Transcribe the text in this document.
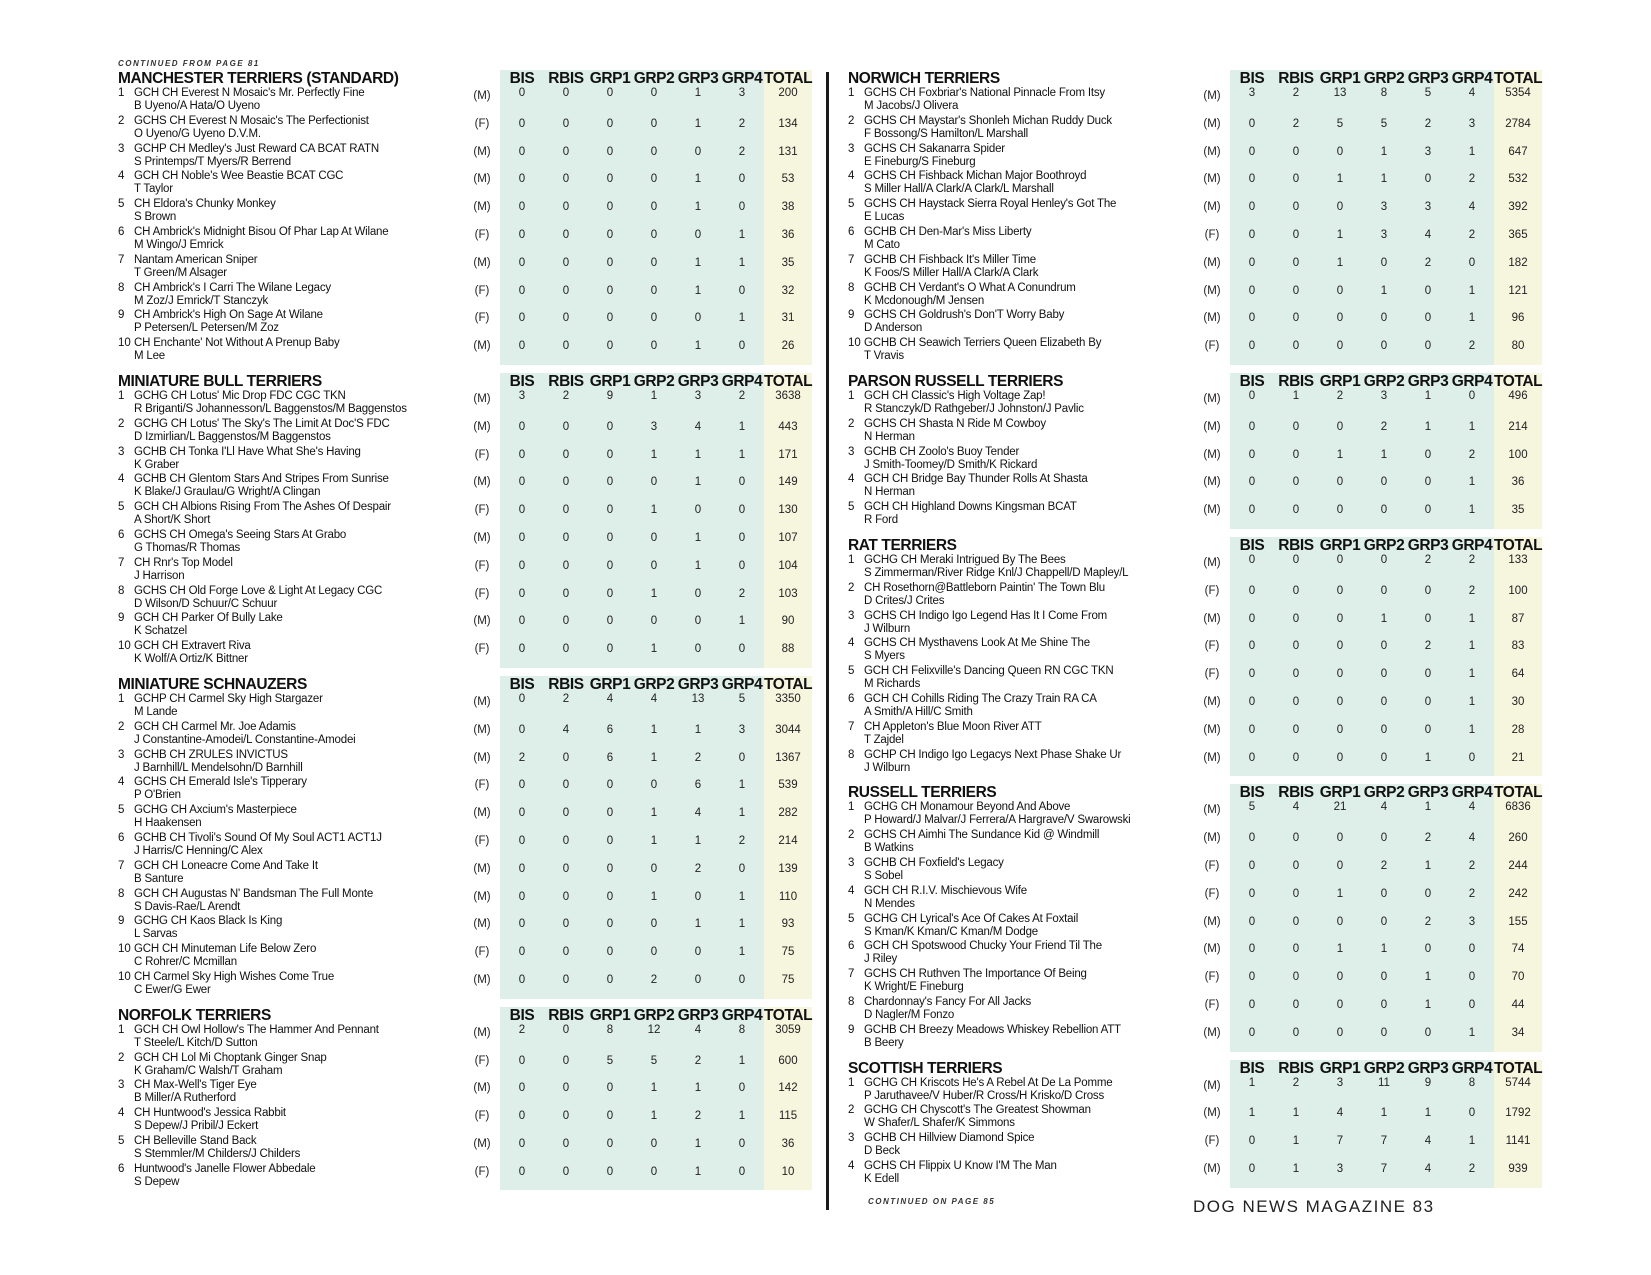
CONTINUED FROM PAGE 81
MANCHESTER TERRIERS (STANDARD)	BIS RBIS GRP1 GRP2 GRP3 GRP4 TOTAL
1 GCH CH Everest N Mosaic's Mr. Perfectly Fine
B Uyeno/A Hata/O Uyeno
(M)	0	0	0	0	1	3	200
2 GCHS CH Everest N Mosaic's The Perfectionist
O Uyeno/G Uyeno D.V.M.
(F)	0	0	0	0	1	2	134
3 GCHP CH Medley's Just Reward CA BCAT RATN
S Printemps/T Myers/R Berrend
(M)	0	0	0	0	0	2	131
4 GCH CH Noble's Wee Beastie BCAT CGC
T Taylor
(M)	0	0	0	0	1	0	53
5 CH Eldora's Chunky Monkey
S Brown
(M)	0	0	0	0	1	0	38
6 CH Ambrick's Midnight Bisou Of Phar Lap At Wilane
M Wingo/J Emrick
(F)	0	0	0	0	0	1	36
7 Nantam American Sniper
T Green/M Alsager
(M)	0	0	0	0	1	1	35
8 CH Ambrick's I Carri The Wilane Legacy
M Zoz/J Emrick/T Stanczyk
(F)	0	0	0	0	1	0	32
9 CH Ambrick's High On Sage At Wilane
P Petersen/L Petersen/M Zoz
(F)	0	0	0	0	0	1	31
10 CH Enchante' Not Without A Prenup Baby
M Lee
(M)	0	0	0	0	1	0	26
MINIATURE BULL TERRIERS	BIS RBIS GRP1 GRP2 GRP3 GRP4 TOTAL
1 GCHG CH Lotus' Mic Drop FDC CGC TKN
R Briganti/S Johannesson/L Baggenstos/M Baggenstos
(M)	3	2	9	1	3	2	3638
2 GCHG CH Lotus' The Sky's The Limit At Doc'S FDC
D Izmirlian/L Baggenstos/M Baggenstos
(M)	0	0	0	3	4	1	443
3 GCHB CH Tonka I'Ll Have What She's Having
K Graber
(F)	0	0	0	1	1	1	171
4 GCHB CH Glentom Stars And Stripes From Sunrise
K Blake/J Graulau/G Wright/A Clingan
(M)	0	0	0	0	1	0	149
5 GCH CH Albions Rising From The Ashes Of Despair
A Short/K Short
(F)	0	0	0	1	0	0	130
6 GCHS CH Omega's Seeing Stars At Grabo
G Thomas/R Thomas
(M)	0	0	0	0	1	0	107
7 CH Rnr's Top Model
J Harrison
(F)	0	0	0	0	1	0	104
8 GCHS CH Old Forge Love & Light At Legacy CGC
D Wilson/D Schuur/C Schuur
(F)	0	0	0	1	0	2	103
9 GCH CH Parker Of Bully Lake
K Schatzel
(M)	0	0	0	0	0	1	90
10 GCH CH Extravert Riva
K Wolf/A Ortiz/K Bittner
(F)	0	0	0	1	0	0	88
MINIATURE SCHNAUZERS	BIS RBIS GRP1 GRP2 GRP3 GRP4 TOTAL
1 GCHP CH Carmel Sky High Stargazer
M Lande
(M)	0	2	4	4	13	5	3350
2 GCH CH Carmel Mr. Joe Adamis
J Constantine-Amodei/L Constantine-Amodei
(M)	0	4	6	1	1	3	3044
3 GCHB CH ZRULES INVICTUS
J Barnhill/L Mendelsohn/D Barnhill
(M)	2	0	6	1	2	0	1367
4 GCHS CH Emerald Isle's Tipperary
P O'Brien
(F)	0	0	0	0	6	1	539
5 GCHG CH Axcium's Masterpiece
H Haakensen
(M)	0	0	0	1	4	1	282
6 GCHB CH Tivoli's Sound Of My Soul ACT1 ACT1J
J Harris/C Henning/C Alex
(F)	0	0	0	1	1	2	214
7 GCH CH Loneacre Come And Take It
B Santure
(M)	0	0	0	0	2	0	139
8 GCH CH Augustas N' Bandsman The Full Monte
S Davis-Rae/L Arendt
(M)	0	0	0	1	0	1	110
9 GCHG CH Kaos Black Is King
L Sarvas
(M)	0	0	0	0	1	1	93
10 GCH CH Minuteman Life Below Zero
C Rohrer/C Mcmillan
(F)	0	0	0	0	0	1	75
10 CH Carmel Sky High Wishes Come True
C Ewer/G Ewer
(M)	0	0	0	2	0	0	75
NORFOLK TERRIERS	BIS RBIS GRP1 GRP2 GRP3 GRP4 TOTAL
1 GCH CH Owl Hollow's The Hammer And Pennant
T Steele/L Kitch/D Sutton
(M)	2	0	8	12	4	8	3059
2 GCH CH Lol Mi Choptank Ginger Snap
K Graham/C Walsh/T Graham
(F)	0	0	5	5	2	1	600
3 CH Max-Well's Tiger Eye
B Miller/A Rutherford
(M)	0	0	0	1	1	0	142
4 CH Huntwood's Jessica Rabbit
S Depew/J Pribil/J Eckert
(F)	0	0	0	1	2	1	115
5 CH Belleville Stand Back
S Stemmler/M Childers/J Childers
(M)	0	0	0	0	1	0	36
6 Huntwood's Janelle Flower Abbedale
S Depew
(F)	0	0	0	0	1	0	10
NORWICH TERRIERS	BIS RBIS GRP1 GRP2 GRP3 GRP4 TOTAL
1 GCHS CH Foxbriar's National Pinnacle From Itsy
M Jacobs/J Olivera
(M)	3	2	13	8	5	4	5354
2 GCHS CH Maystar's Shonleh Michan Ruddy Duck
F Bossong/S Hamilton/L Marshall
(M)	0	2	5	5	2	3	2784
3 GCHS CH Sakanarra Spider
E Fineburg/S Fineburg
(M)	0	0	0	1	3	1	647
4 GCHS CH Fishback Michan Major Boothroyd
S Miller Hall/A Clark/A Clark/L Marshall
(M)	0	0	1	1	0	2	532
5 GCHS CH Haystack Sierra Royal Henley's Got The
E Lucas
(M)	0	0	0	3	3	4	392
6 GCHB CH Den-Mar's Miss Liberty
M Cato
(F)	0	0	1	3	4	2	365
7 GCHB CH Fishback It's Miller Time
K Foos/S Miller Hall/A Clark/A Clark
(M)	0	0	1	0	2	0	182
8 GCHB CH Verdant's O What A Conundrum
K Mcdonough/M Jensen
(M)	0	0	0	1	0	1	121
9 GCHS CH Goldrush's Don'T Worry Baby
D Anderson
(M)	0	0	0	0	0	1	96
10 GCHB CH Seawich Terriers Queen Elizabeth By
T Vravis
(F)	0	0	0	0	0	2	80
PARSON RUSSELL TERRIERS	BIS RBIS GRP1 GRP2 GRP3 GRP4 TOTAL
1 GCH CH Classic's High Voltage Zap!
R Stanczyk/D Rathgeber/J Johnston/J Pavlic
(M)	0	1	2	3	1	0	496
2 GCHS CH Shasta N Ride M Cowboy
N Herman
(M)	0	0	0	2	1	1	214
3 GCHB CH Zoolo's Buoy Tender
J Smith-Toomey/D Smith/K Rickard
(M)	0	0	1	1	0	2	100
4 GCH CH Bridge Bay Thunder Rolls At Shasta
N Herman
(M)	0	0	0	0	0	1	36
5 GCH CH Highland Downs Kingsman BCAT
R Ford
(M)	0	0	0	0	0	1	35
RAT TERRIERS	BIS RBIS GRP1 GRP2 GRP3 GRP4 TOTAL
1 GCHG CH Meraki Intrigued By The Bees
S Zimmerman/River Ridge Knl/J Chappell/D Mapley/L
(M)	0	0	0	0	2	2	133
2 CH Rosethorn@Battleborn Paintin' The Town Blu
D Crites/J Crites
(F)	0	0	0	0	0	2	100
3 GCHS CH Indigo Igo Legend Has It I Come From
J Wilburn
(M)	0	0	0	1	0	1	87
4 GCHS CH Mysthavens Look At Me Shine The
S Myers
(F)	0	0	0	0	2	1	83
5 GCH CH Felixville's Dancing Queen RN CGC TKN
M Richards
(F)	0	0	0	0	0	1	64
6 GCH CH Cohills Riding The Crazy Train RA CA
A Smith/A Hill/C Smith
(M)	0	0	0	0	0	1	30
7 CH Appleton's Blue Moon River ATT
T Zajdel
(M)	0	0	0	0	0	1	28
8 GCHP CH Indigo Igo Legacys Next Phase Shake Ur
J Wilburn
(M)	0	0	0	0	1	0	21
RUSSELL TERRIERS	BIS RBIS GRP1 GRP2 GRP3 GRP4 TOTAL
1 GCHG CH Monamour Beyond And Above
P Howard/J Malvar/J Ferrera/A Hargrave/V Swarowski
(M)	5	4	21	4	1	4	6836
2 GCHS CH Aimhi The Sundance Kid @ Windmill
B Watkins
(M)	0	0	0	0	2	4	260
3 GCHB CH Foxfield's Legacy
S Sobel
(F)	0	0	0	2	1	2	244
4 GCH CH R.I.V. Mischievous Wife
N Mendes
(F)	0	0	1	0	0	2	242
5 GCHG CH Lyrical's Ace Of Cakes At Foxtail
S Kman/K Kman/C Kman/M Dodge
(M)	0	0	0	0	2	3	155
6 GCH CH Spotswood Chucky Your Friend Til The
J Riley
(M)	0	0	1	1	0	0	74
7 GCHS CH Ruthven The Importance Of Being
K Wright/E Fineburg
(F)	0	0	0	0	1	0	70
8 Chardonnay's Fancy For All Jacks
D Nagler/M Fonzo
(F)	0	0	0	0	1	0	44
9 GCHB CH Breezy Meadows Whiskey Rebellion ATT
B Beery
(M)	0	0	0	0	0	1	34
SCOTTISH TERRIERS	BIS RBIS GRP1 GRP2 GRP3 GRP4 TOTAL
1 GCHG CH Kriscots He's A Rebel At De La Pomme
P Jaruthavee/V Huber/R Cross/H Krisko/D Cross
(M)	1	2	3	11	9	8	5744
2 GCHG CH Chyscott's The Greatest Showman
W Shafer/L Shafer/K Simmons
(M)	1	1	4	1	1	0	1792
3 GCHB CH Hillview Diamond Spice
D Beck
(F)	0	1	7	7	4	1	1141
4 GCHS CH Flippix U Know I'M The Man
K Edell
(M)	0	1	3	7	4	2	939
CONTINUED ON PAGE 85	DOG NEWS MAGAZINE 83
